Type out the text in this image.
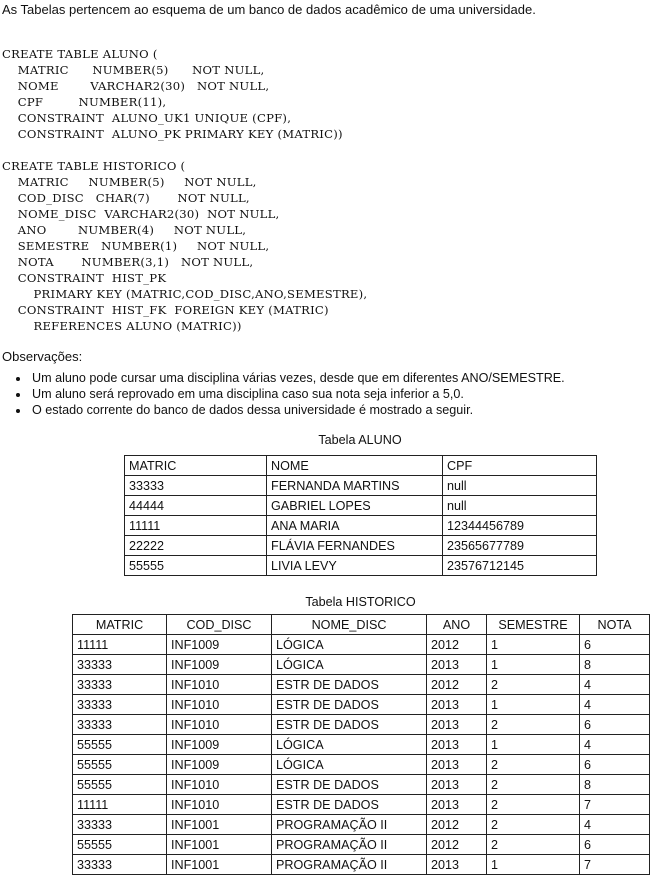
As Tabelas pertencem ao esquema de um banco de dados acadêmico de uma universidade.

CREATE TABLE ALUNO (
MATRIC      NUMBER(5)      NOT NULL,
NOME        VARCHAR2(30)   NOT NULL,
CPF         NUMBER(11),
CONSTRAINT  ALUNO_UK1 UNIQUE (CPF),
CONSTRAINT  ALUNO_PK PRIMARY KEY (MATRIC))

CREATE TABLE HISTORICO (
MATRIC     NUMBER(5)     NOT NULL,
COD_DISC   CHAR(7)       NOT NULL,
NOME_DISC  VARCHAR2(30)  NOT NULL,
ANO        NUMBER(4)     NOT NULL,
SEMESTRE   NUMBER(1)     NOT NULL,
NOTA       NUMBER(3,1)   NOT NULL,
CONSTRAINT  HIST_PK
PRIMARY KEY (MATRIC,COD_DISC,ANO,SEMESTRE),
CONSTRAINT  HIST_FK  FOREIGN KEY (MATRIC)
REFERENCES ALUNO (MATRIC))

Observações:

• Um aluno pode cursar uma disciplina várias vezes, desde que em diferentes ANO/SEMESTRE.
• Um aluno será reprovado em uma disciplina caso sua nota seja inferior a 5,0.
• O estado corrente do banco de dados dessa universidade é mostrado a seguir.

Tabela ALUNO

MATRIC	NOME	CPF
33333	FERNANDA MARTINS	null
44444	GABRIEL LOPES	null
11111	ANA MARIA	12344456789
22222	FLÁVIA FERNANDES	23565677789
55555	LIVIA LEVY	23576712145

Tabela HISTORICO

MATRIC	COD_DISC	NOME_DISC	ANO	SEMESTRE	NOTA
11111	INF1009	LÓGICA	2012	1	6
33333	INF1009	LÓGICA	2013	1	8
33333	INF1010	ESTR DE DADOS	2012	2	4
33333	INF1010	ESTR DE DADOS	2013	1	4
33333	INF1010	ESTR DE DADOS	2013	2	6
55555	INF1009	LÓGICA	2013	1	4
55555	INF1009	LÓGICA	2013	2	6
55555	INF1010	ESTR DE DADOS	2013	2	8
11111	INF1010	ESTR DE DADOS	2013	2	7
33333	INF1001	PROGRAMAÇÃO II	2012	2	4
55555	INF1001	PROGRAMAÇÃO II	2012	2	6
33333	INF1001	PROGRAMAÇÃO II	2013	1	7
